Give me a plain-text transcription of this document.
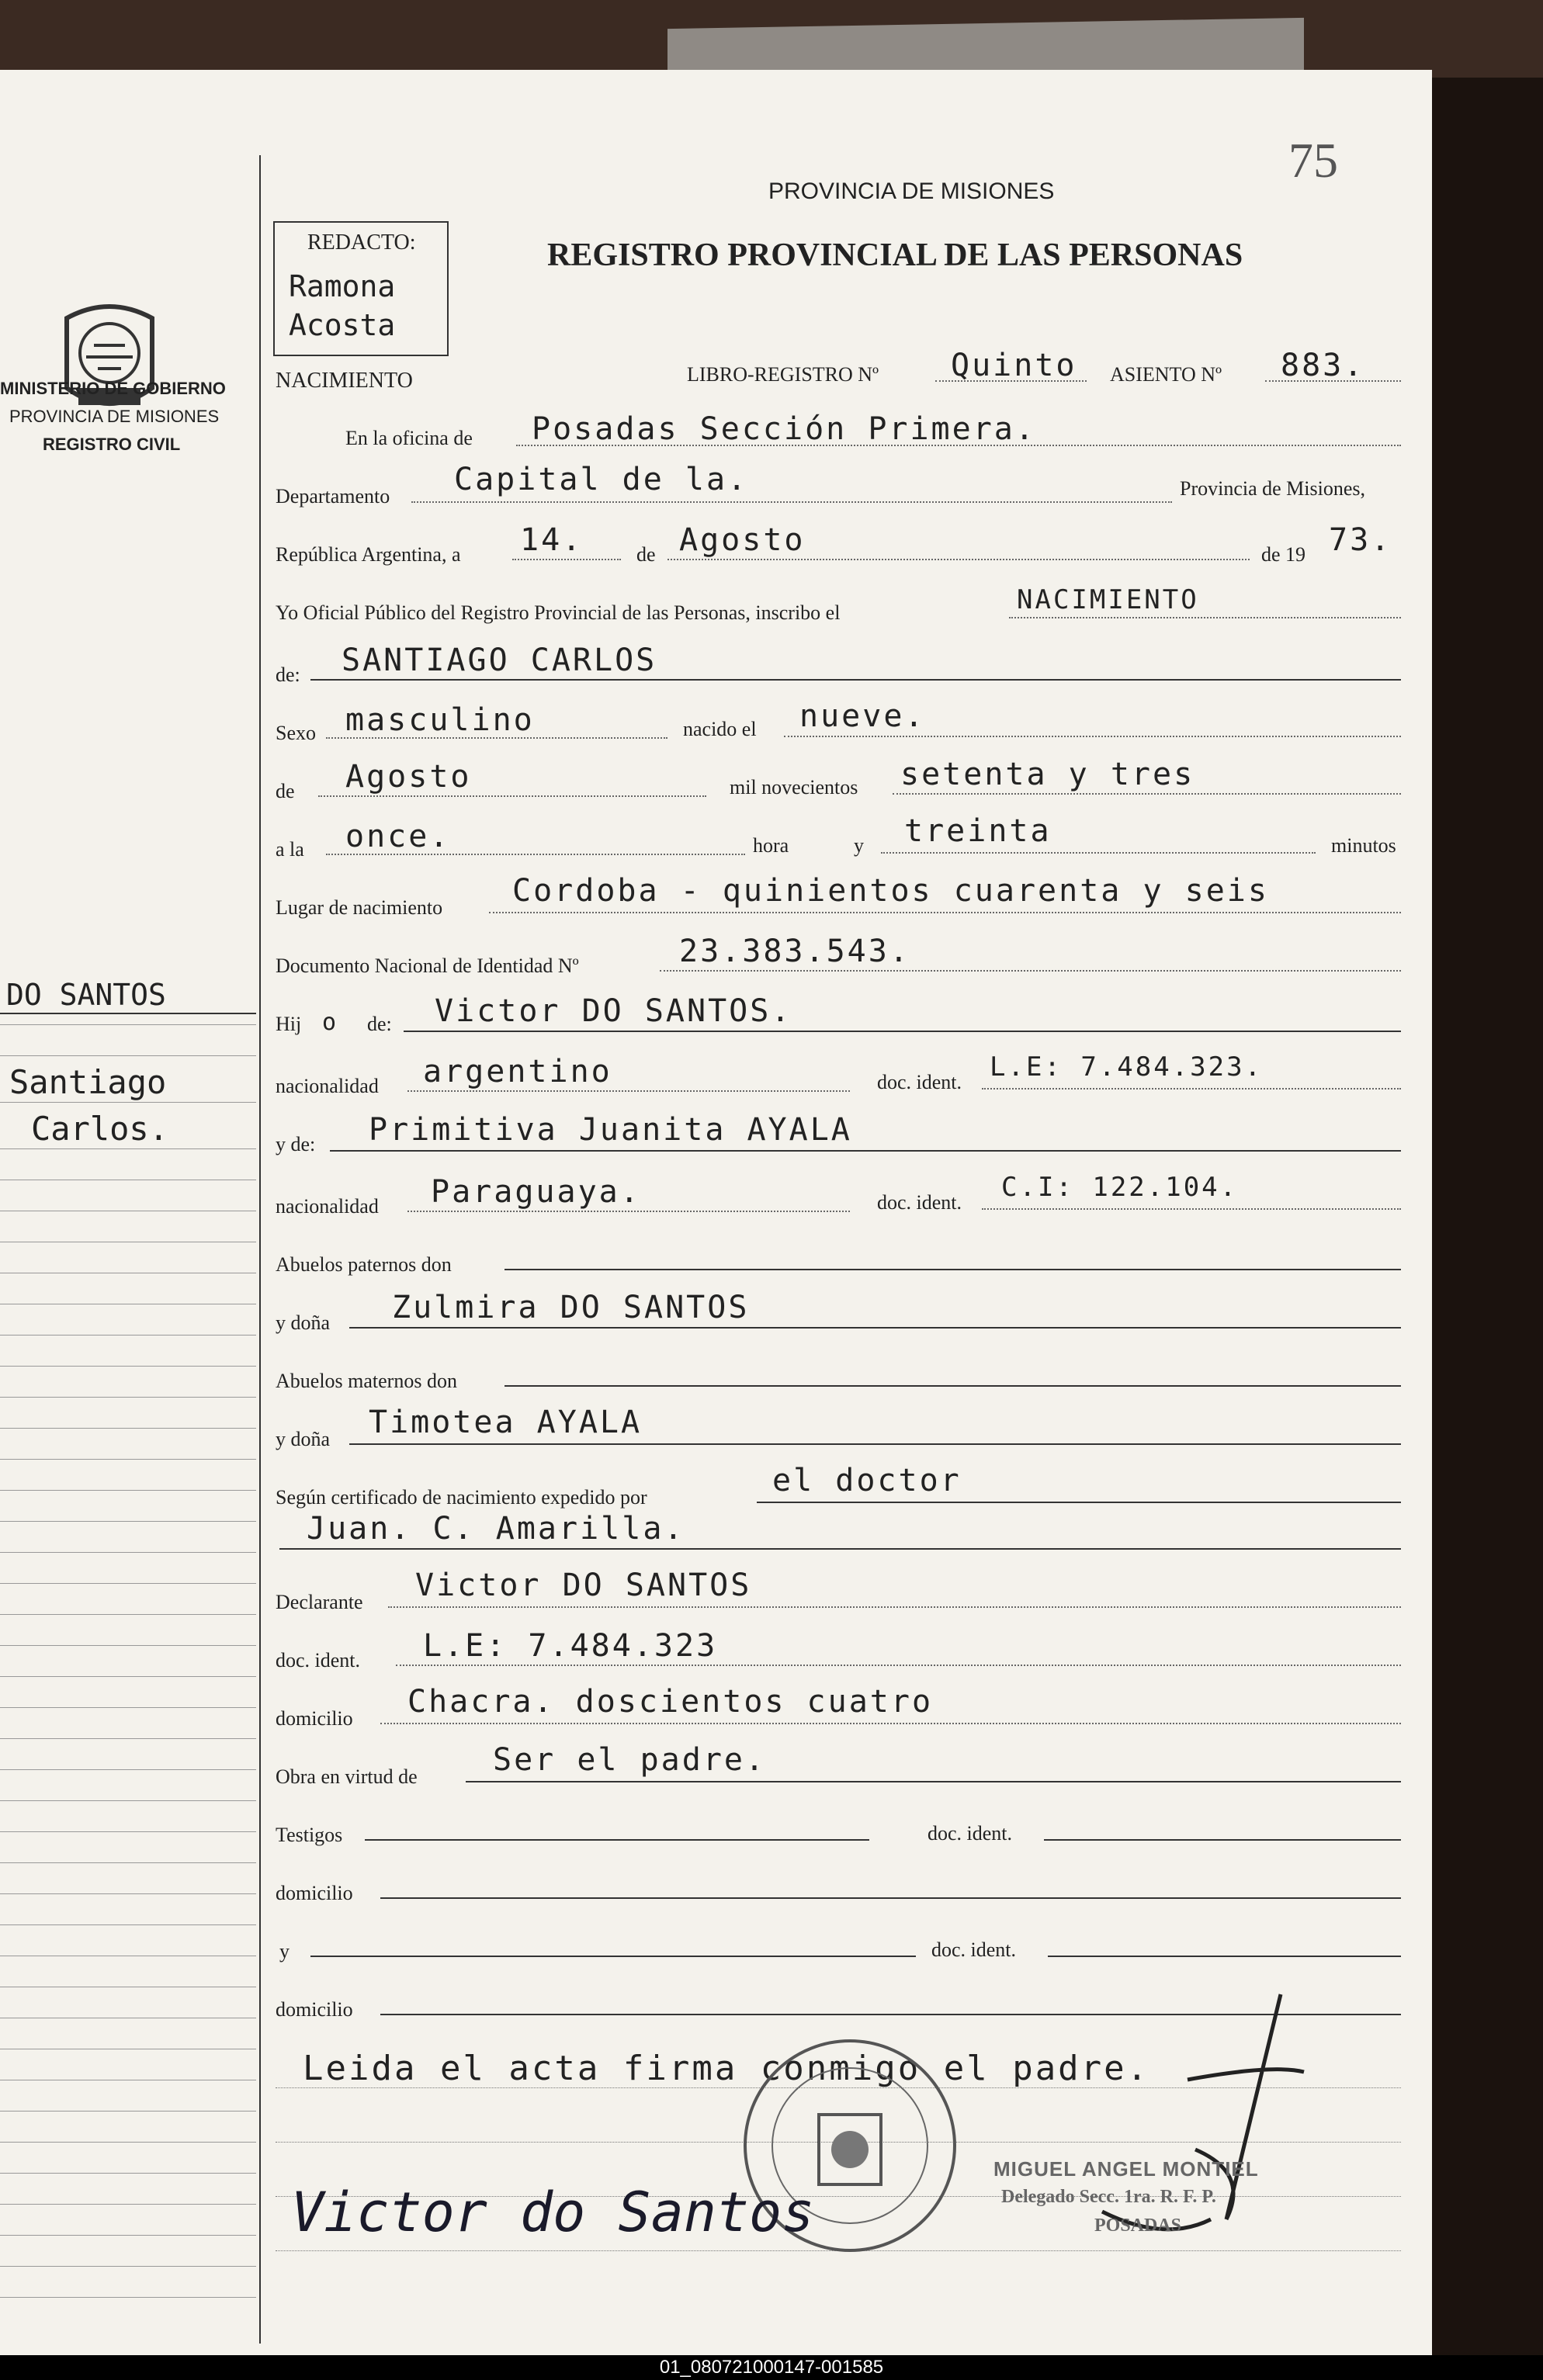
MINISTERIO DE GOBIERNO
PROVINCIA DE MISIONES
REGISTRO CIVIL
DO SANTOS
Santiago
Carlos.
REDACTO:
Ramona
Acosta
75
PROVINCIA DE MISIONES
REGISTRO PROVINCIAL DE LAS PERSONAS
NACIMIENTO	LIBRO-REGISTRO Nº Quinto ASIENTO Nº 883.
En la oficina de Posadas Sección Primera.
Departamento Capital de la.	Provincia de Misiones,
República Argentina, a 14.	de Agosto	de 19 73.
Yo Oficial Público del Registro Provincial de las Personas, inscribo el	NACIMIENTO
de: SANTIAGO CARLOS
Sexo masculino	nacido el nueve.
de Agosto	mil novecientos setenta y tres
a la once.	hora	y treinta	minutos
Lugar de nacimiento Cordoba - quinientos cuarenta y seis
Documento Nacional de Identidad Nº	23.383.543.
Hij o de: Victor DO SANTOS.
nacionalidad argentino	doc. ident. L.E: 7.484.323.
y de: Primitiva Juanita AYALA
nacionalidad Paraguaya.	doc. ident. C.I: 122.104.
Abuelos paternos don
y doña Zulmira DO SANTOS
Abuelos maternos don
y doña Timotea AYALA
Según certificado de nacimiento expedido por	el doctor
Juan. C. Amarilla.
Declarante Victor DO SANTOS
doc. ident. L.E: 7.484.323
domicilio Chacra. doscientos cuatro
Obra en virtud de Ser el padre.
Testigos	doc. ident.
domicilio
y	doc. ident.
domicilio
Leida el acta firma conmigo el padre.
Victor do Santos
MIGUEL ANGEL MONTIEL
Delegado Secc. 1ra. R. F. P.
POSADAS
01_080721000147-001585
